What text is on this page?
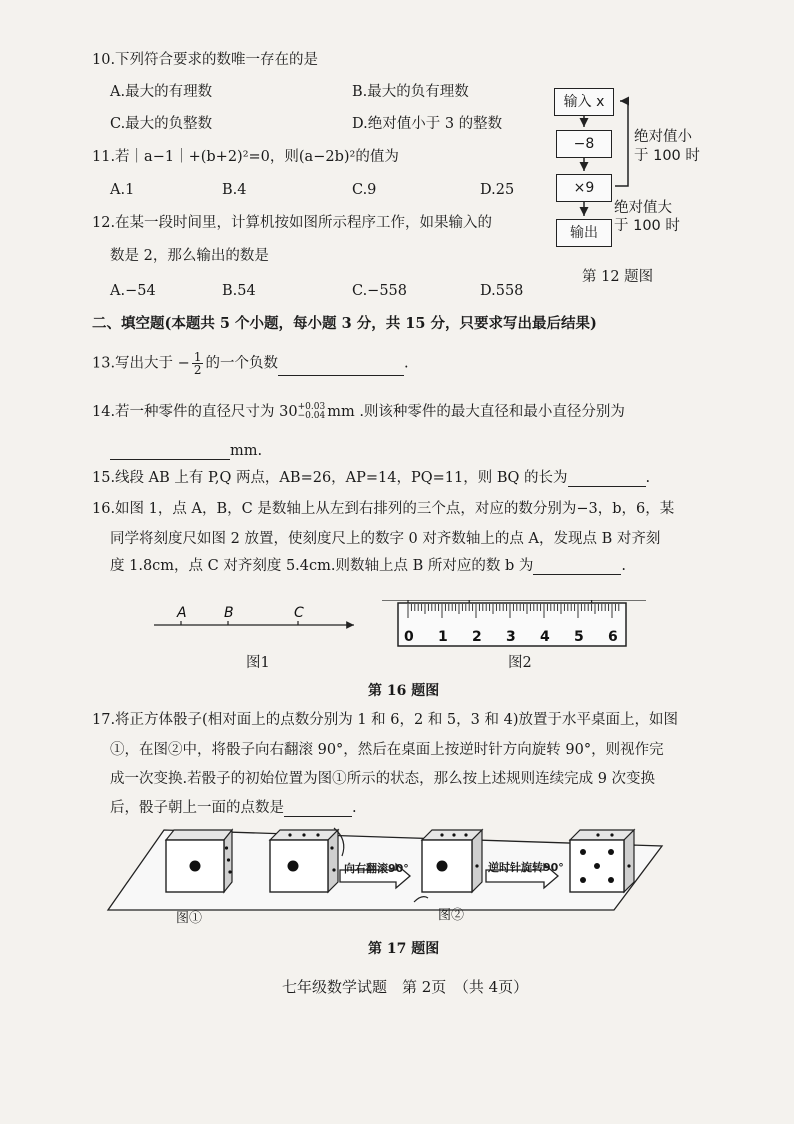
10.下列符合要求的数唯一存在的是
A.最大的有理数	B.最大的负有理数
C.最大的负整数	D.绝对值小于 3 的整数
11.若｜a−1｜+(b+2)²=0，则(a−2b)²的值为
A.1	B.4	C.9	D.25
12.在某一段时间里，计算机按如图所示程序工作，如果输入的
数是 2，那么输出的数是
A.−54	B.54	C.−558	D.558
输入 x
−8
×9
输出
绝对值小
于 100 时
绝对值大
于 100 时
第 12 题图
二、填空题(本题共 5 个小题，每小题 3 分，共 15 分，只要求写出最后结果)
13.写出大于 − $\frac{1}{2}$ 的一个负数	.
14.若一种零件的直径尺寸为 30 +0.03
−0.04 mm .则该种零件的最大直径和最小直径分别为
mm.
15.线段 AB 上有 P,Q 两点，AB=26，AP=14，PQ=11，则 BQ 的长为	.
16.如图 1，点 A，B，C 是数轴上从左到右排列的三个点，对应的数分别为−3，b，6，某
同学将刻度尺如图 2 放置，使刻度尺上的数字 0 对齐数轴上的点 A，发现点 B 对齐刻
度 1.8cm，点 C 对齐刻度 5.4cm.则数轴上点 B 所对应的数 b 为	.
A	B	C
图1
0 1 2 3 4 5 6
图2
第 16 题图
17.将正方体骰子(相对面上的点数分别为 1 和 6，2 和 5，3 和 4)放置于水平桌面上，如图
①，在图②中，将骰子向右翻滚 90°，然后在桌面上按逆时针方向旋转 90°，则视作完
成一次变换.若骰子的初始位置为图①所示的状态，那么按上述规则连续完成 9 次变换
后，骰子朝上一面的点数是	.
向右翻滚90°	逆时针旋转90°
图①	图②
第 17 题图
七年级数学试题　第 2页　（共 4页）
